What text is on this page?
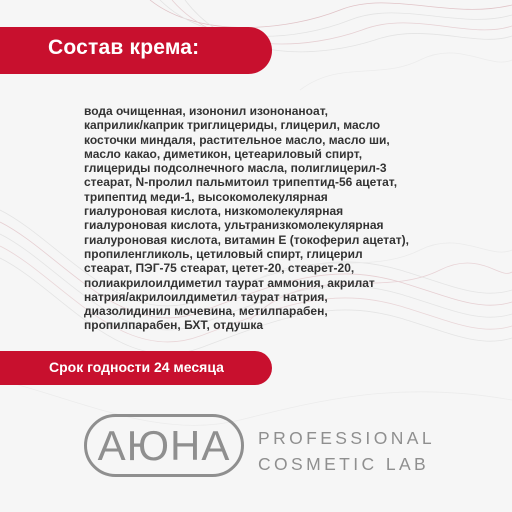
Состав крема:
вода очищенная, изононил изононаноат,
каприлик/каприк триглицериды, глицерил, масло
косточки миндаля, растительное масло, масло ши,
масло какао, диметикон, цетеариловый спирт,
глицериды подсолнечного масла, полиглицерил-3
стеарат, N-пролил пальмитоил трипептид-56 ацетат,
трипептид меди-1, высокомолекулярная
гиалуроновая кислота, низкомолекулярная
гиалуроновая кислота, ультранизкомолекулярная
гиалуроновая кислота, витамин Е (токоферил ацетат),
пропиленгликоль, цетиловый спирт, глицерил
стеарат, ПЭГ-75 стеарат, цетет-20, стеарет-20,
полиакрилоилдиметил таурат аммония, акрилат
натрия/акрилоилдиметил таурат натрия,
диазолидинил мочевина, метилпарабен,
пропилпарабен, БХТ, отдушка
Срок годности 24 месяца
АЮНА	PROFESSIONAL
COSMETIC LAB
